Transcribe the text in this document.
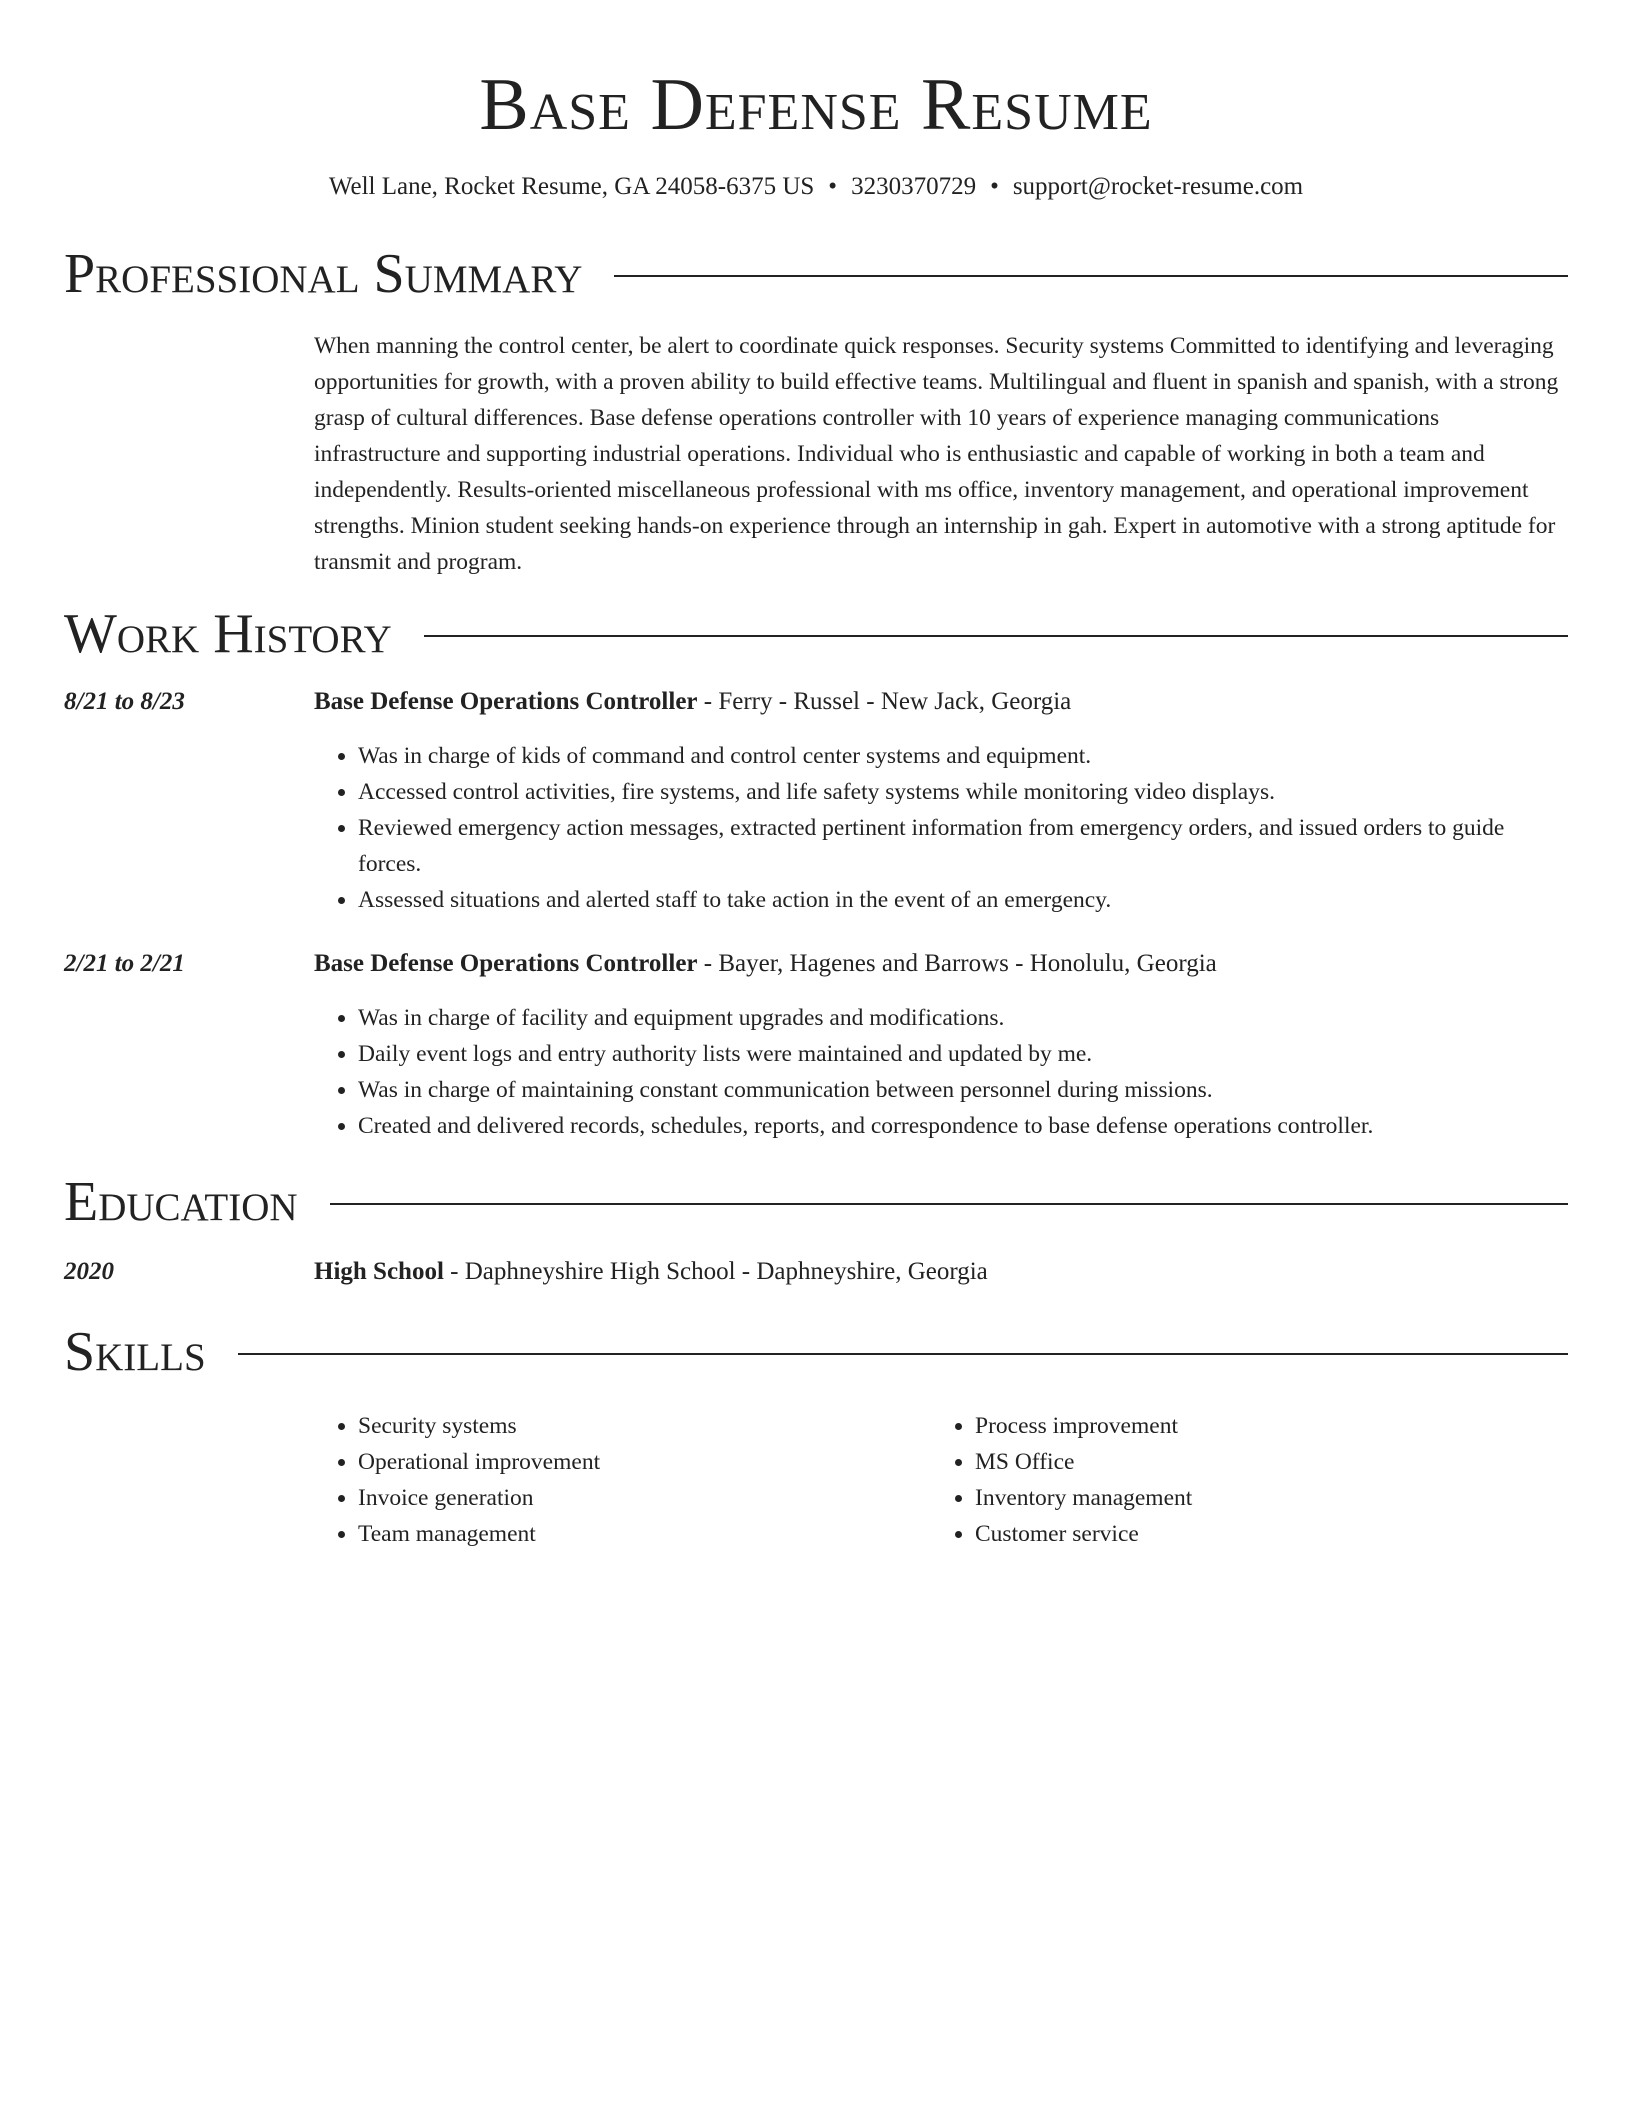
Base Defense Resume
Well Lane, Rocket Resume, GA 24058-6375 US • 3230370729 • support@rocket-resume.com
Professional Summary

When manning the control center, be alert to coordinate quick responses. Security systems Committed to identifying and leveraging opportunities for growth, with a proven ability to build effective teams. Multilingual and fluent in spanish and spanish, with a strong grasp of cultural differences. Base defense operations controller with 10 years of experience managing communications infrastructure and supporting industrial operations. Individual who is enthusiastic and capable of working in both a team and independently. Results-oriented miscellaneous professional with ms office, inventory management, and operational improvement strengths. Minion student seeking hands-on experience through an internship in gah. Expert in automotive with a strong aptitude for transmit and program.

Work History
8/21 to 8/23	Base Defense Operations Controller - Ferry - Russel - New Jack, Georgia
• Was in charge of kids of command and control center systems and equipment.
• Accessed control activities, fire systems, and life safety systems while monitoring video displays.
• Reviewed emergency action messages, extracted pertinent information from emergency orders, and issued orders to guide forces.
• Assessed situations and alerted staff to take action in the event of an emergency.
2/21 to 2/21	Base Defense Operations Controller - Bayer, Hagenes and Barrows - Honolulu, Georgia
• Was in charge of facility and equipment upgrades and modifications.
• Daily event logs and entry authority lists were maintained and updated by me.
• Was in charge of maintaining constant communication between personnel during missions.
• Created and delivered records, schedules, reports, and correspondence to base defense operations controller.
Education
2020	High School - Daphneyshire High School - Daphneyshire, Georgia
Skills
• Security systems
• Operational improvement
• Invoice generation
• Team management
• Process improvement
• MS Office
• Inventory management
• Customer service
